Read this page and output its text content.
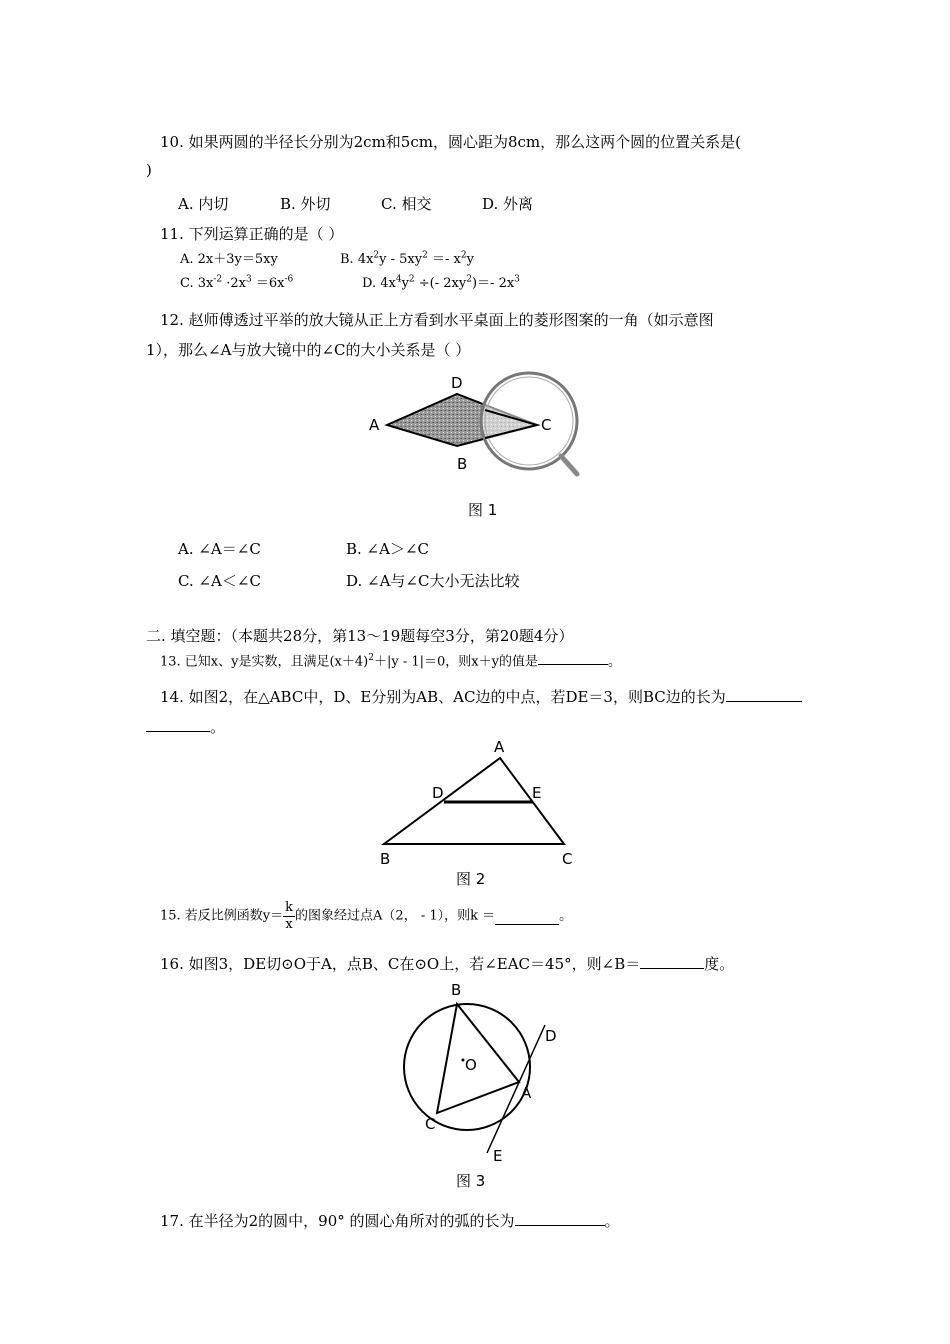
10. 如果两圆的半径长分别为2cm和5cm，圆心距为8cm，那么这两个圆的位置关系是(
)
A. 内切	B. 外切	C. 相交	D. 外离
11. 下列运算正确的是（ ）
A. 2x＋3y＝5xy	B. $4x^2y - 5xy^2 =- x^2y$
C. $3x^{-2} \cdot 2x^3 =6x^{-6}$	D. $4x^4y^2$ ÷(- $2xy^2)=-$ $2x^3$
12. 赵师傅透过平举的放大镜从正上方看到水平桌面上的菱形图案的一角（如示意图
1），那么∠A与放大镜中的∠C的大小关系是（ ）
A
D
C
B
图 1
A. ∠A＝∠C	B. ∠A＞∠C
C. ∠A＜∠C	D. ∠A与∠C大小无法比较
二. 填空题：（本题共28分，第13～19题每空3分，第20题4分）
13. 已知x、y是实数，且满足$(x+4)^2+|y - 1|=0$，则x＋y的值是	。
14. 如图2，在△ABC中，D、E分别为AB、AC边的中点，若DE＝3，则BC边的长为
。
A
D	E
B	C
图 2
15. 若反比例函数$y= \frac{k}{x}$ 的图象经过点A（2， - 1），则k ＝	。
16. 如图3，DE切⊙O于A，点B、C在⊙O上，若∠EAC＝45°，则∠B＝	度。
B
O
A
C
D
E
图 3
17. 在半径为2的圆中，90° 的圆心角所对的弧的长为	。
